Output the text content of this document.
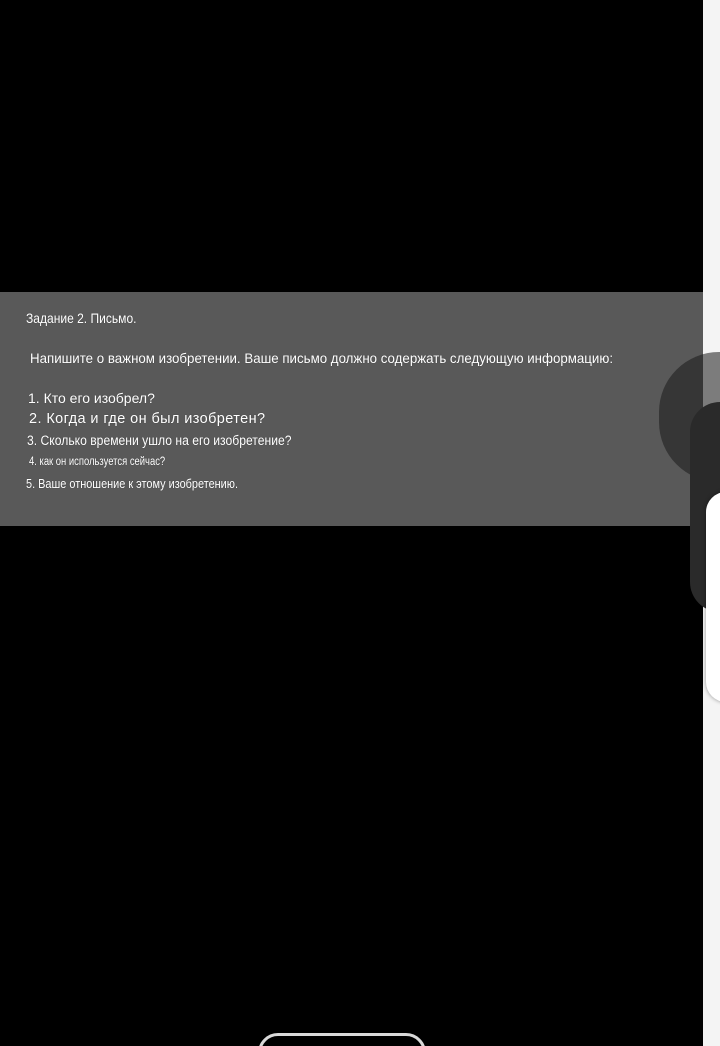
Задание 2. Письмо.
Напишите о важном изобретении. Ваше письмо должно содержать следующую информацию:
1. Кто его изобрел?
2. Когда и где он был изобретен?
3. Сколько времени ушло на его изобретение?
4. как он используется сейчас?
5. Ваше отношение к этому изобретению.
